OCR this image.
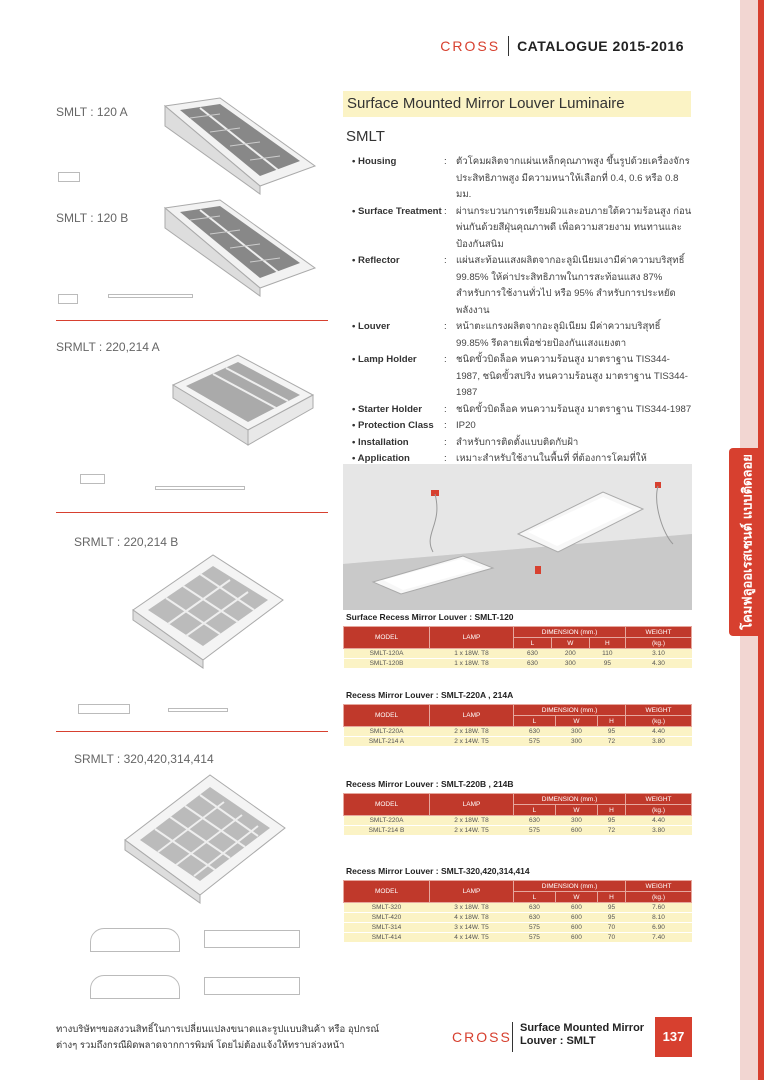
โคมฟลูออเรสเซนต์ แบบติดลอย
CROSS CATALOGUE 2015-2016
SMLT : 120 A
SMLT : 120 B
SRMLT : 220,214 A
SRMLT : 220,214 B
SRMLT : 320,420,314,414
Surface Mounted Mirror Louver Luminaire
SMLT
• Housing	: ตัวโคมผลิตจากแผ่นเหล็กคุณภาพสูง ขึ้นรูปด้วยเครื่องจักรประสิทธิภาพสูง มีความหนาให้เลือกที่ 0.4, 0.6 หรือ 0.8 มม.
• Surface Treatment : ผ่านกระบวนการเตรียมผิวและอบภายใต้ความร้อนสูง ก่อนพ่นกันด้วยสีฝุ่นคุณภาพดี เพื่อความสวยงาม ทนทานและป้องกันสนิม
• Reflector	: แผ่นสะท้อนแสงผลิตจากอะลูมิเนียมเงามีค่าความบริสุทธิ์ 99.85% ให้ค่าประสิทธิภาพในการสะท้อนแสง 87% สำหรับการใช้งานทั่วไป หรือ 95% สำหรับการประหยัดพลังงาน
• Louver	: หน้าตะแกรงผลิตจากอะลูมิเนียม มีค่าความบริสุทธิ์ 99.85% รีดลายเพื่อช่วยป้องกันแสงแยงตา
• Lamp Holder	: ชนิดขั้วบิดล็อค ทนความร้อนสูง มาตราฐาน TIS344-1987, ชนิดขั้วสปริง ทนความร้อนสูง มาตราฐาน TIS344-1987
• Starter Holder	: ชนิดขั้วบิดล็อค ทนความร้อนสูง มาตราฐาน TIS344-1987
• Protection Class	: IP20
• Installation	: สำหรับการติดตั้งแบบติดกับฝ้า
• Application	: เหมาะสำหรับใช้งานในพื้นที่ ที่ต้องการโคมที่ให้
Surface Recess Mirror Louver : SMLT-120
MODEL	LAMP	DIMENSION (mm.)			WEIGHT
		L	W	H	(kg.)
SMLT-120A	1 x 18W. T8	630	200	110	3.10
SMLT-120B	1 x 18W. T8	630	300	95	4.30
Recess Mirror Louver : SMLT-220A , 214A
MODEL	LAMP	DIMENSION (mm.)			WEIGHT
		L	W	H	(kg.)
SMLT-220A	2 x 18W. T8	630	300	95	4.40
SMLT-214 A	2 x 14W. T5	575	300	72	3.80
Recess Mirror Louver : SMLT-220B , 214B
MODEL	LAMP	DIMENSION (mm.)			WEIGHT
		L	W	H	(kg.)
SMLT-220A	2 x 18W. T8	630	300	95	4.40
SMLT-214 B	2 x 14W. T5	575	600	72	3.80
Recess Mirror Louver : SMLT-320,420,314,414
MODEL	LAMP	DIMENSION (mm.)			WEIGHT
		L	W	H	(kg.)
SMLT-320	3 x 18W. T8	630	600	95	7.60
SMLT-420	4 x 18W. T8	630	600	95	8.10
SMLT-314	3 x 14W. T5	575	600	70	6.90
SMLT-414	4 x 14W. T5	575	600	70	7.40
ทางบริษัทฯขอสงวนสิทธิ์ในการเปลี่ยนแปลงขนาดและรูปแบบสินค้า หรือ อุปกรณ์
ต่างๆ รวมถึงกรณีผิดพลาดจากการพิมพ์ โดยไม่ต้องแจ้งให้ทราบล่วงหน้า
CROSS
Surface Mounted Mirror
Louver : SMLT	137
